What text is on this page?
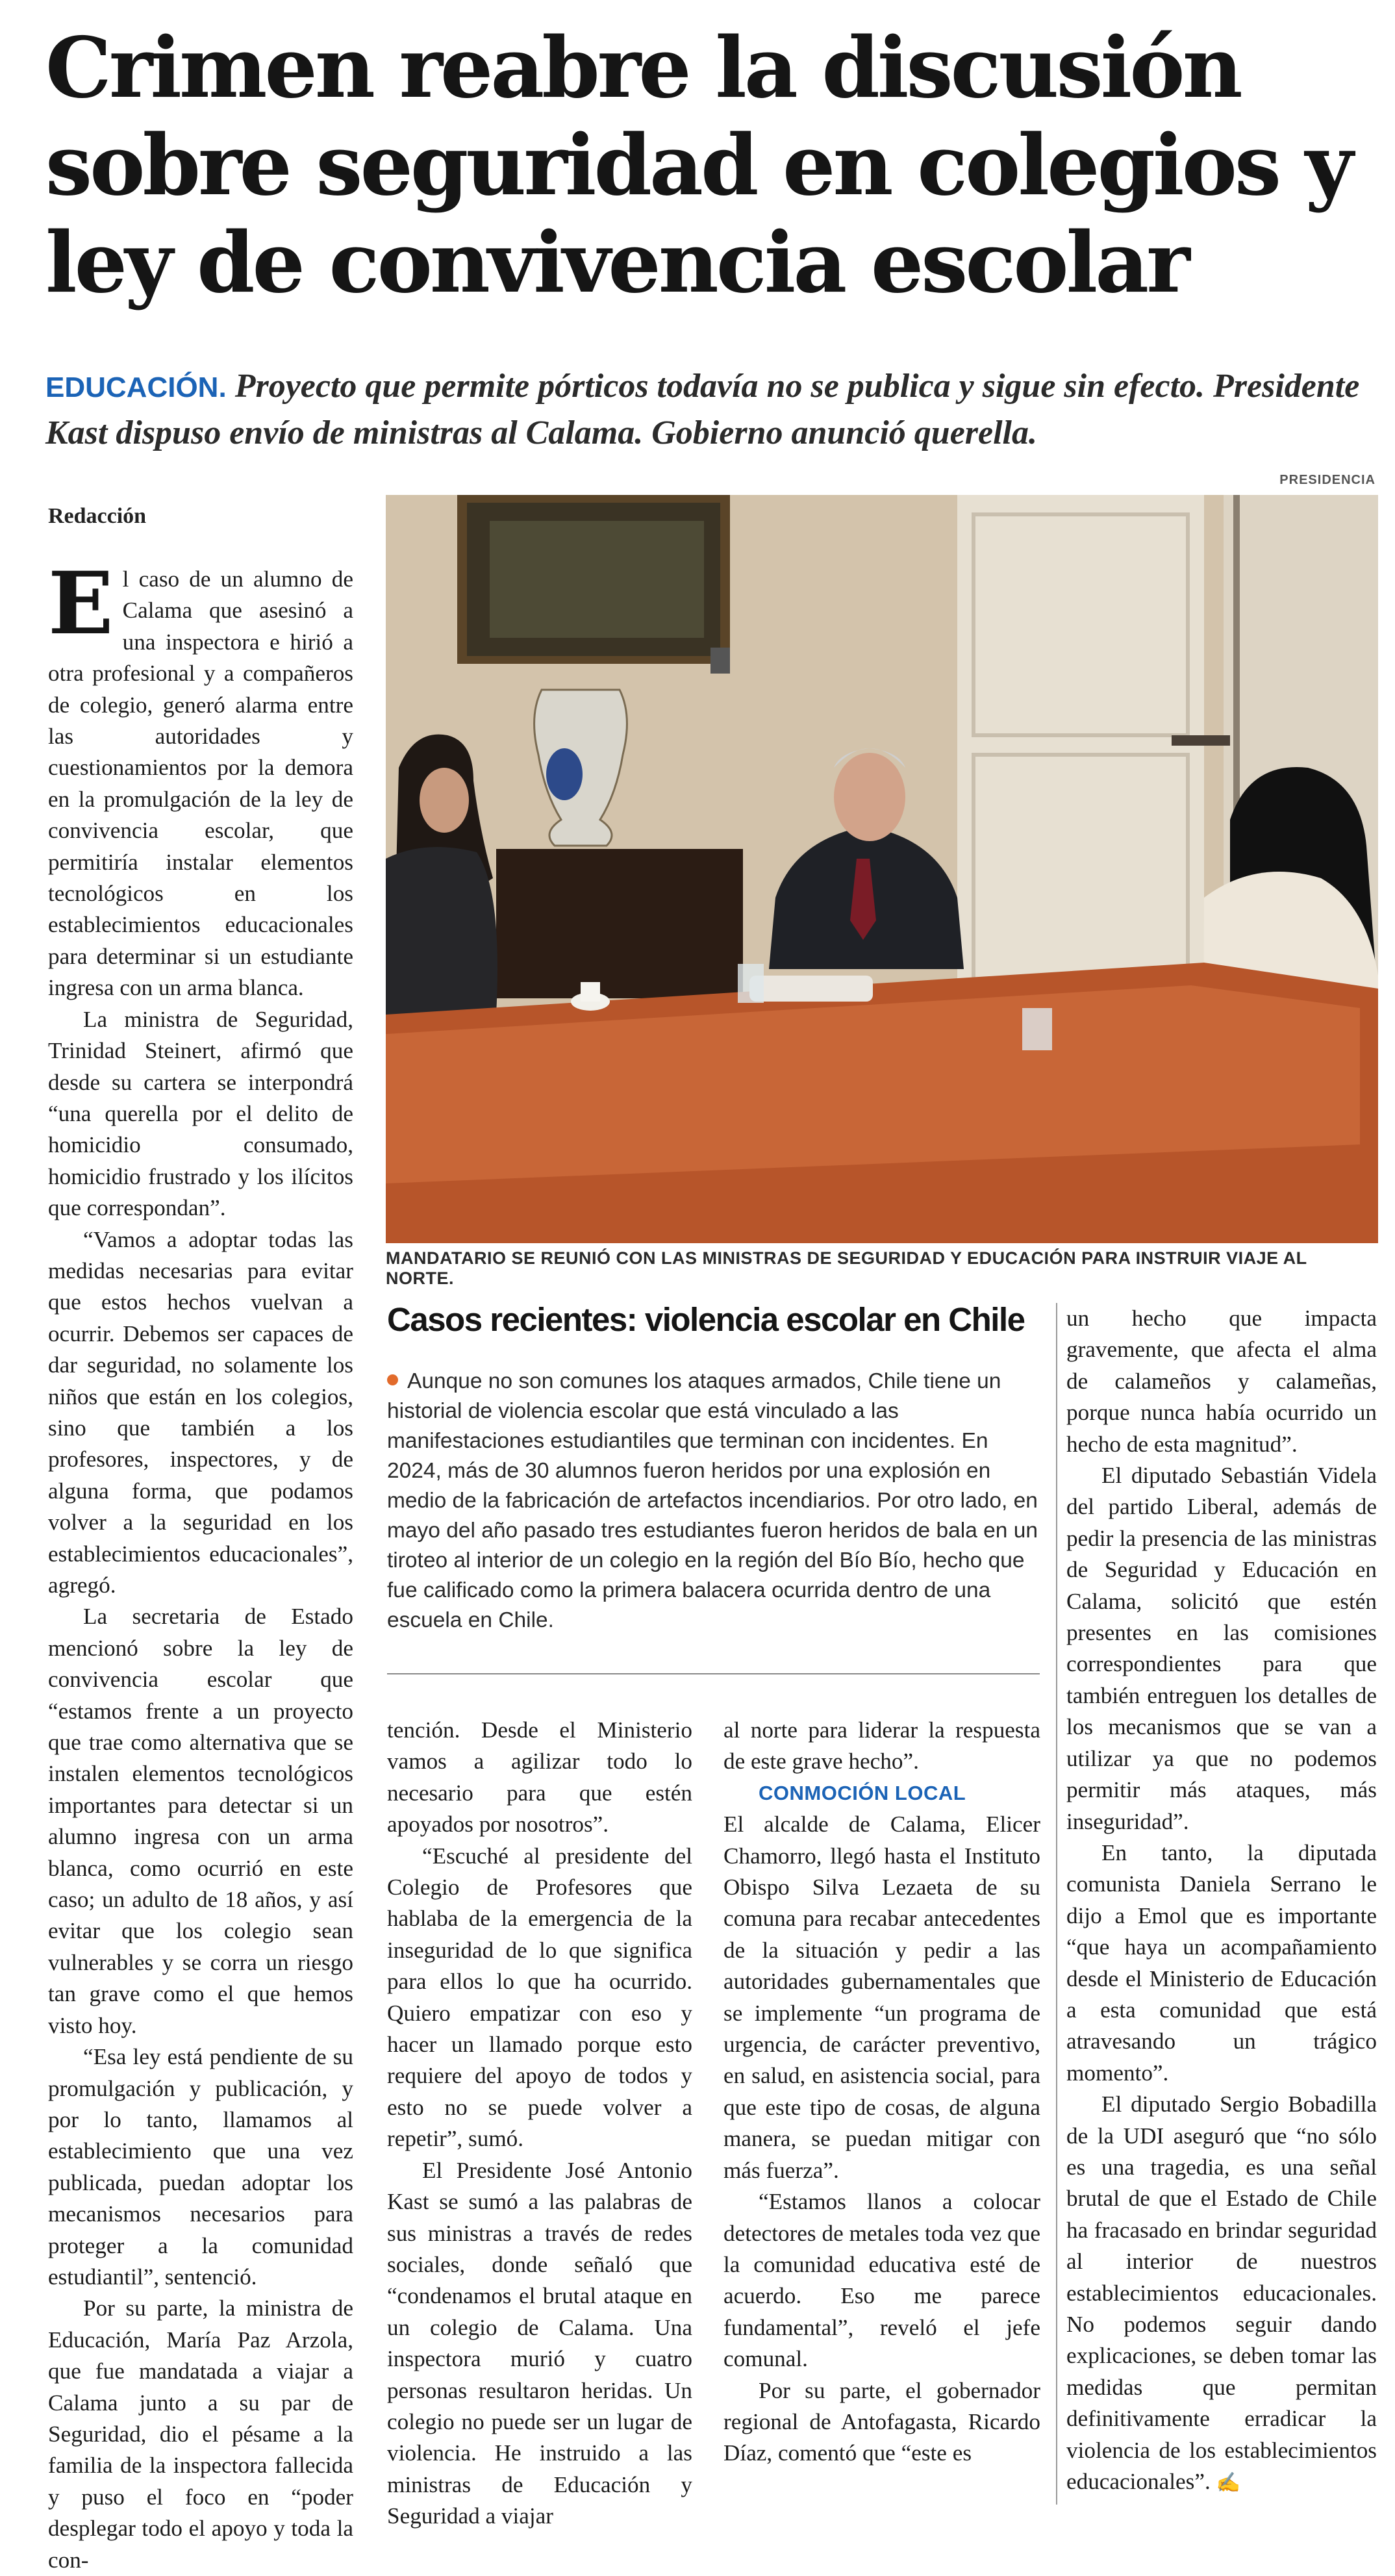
Crimen reabre la discusión sobre seguridad en colegios y ley de convivencia escolar
EDUCACIÓN. Proyecto que permite pórticos todavía no se publica y sigue sin efecto. Presidente Kast dispuso envío de ministras al Calama. Gobierno anunció querella.
PRESIDENCIA
MANDATARIO SE REUNIÓ CON LAS MINISTRAS DE SEGURIDAD Y EDUCACIÓN PARA INSTRUIR VIAJE AL NORTE.
Redacción

El caso de un alumno de Calama que asesinó a una inspectora e hirió a otra profesional y a compañeros de colegio, generó alarma entre las autoridades y cuestionamientos por la demora en la promulgación de la ley de convivencia escolar, que permitiría instalar elementos tecnológicos en los establecimientos educacionales para determinar si un estudiante ingresa con un arma blanca.

La ministra de Seguridad, Trinidad Steinert, afirmó que desde su cartera se interpondrá “una querella por el delito de homicidio consumado, homicidio frustrado y los ilícitos que correspondan”.

“Vamos a adoptar todas las medidas necesarias para evitar que estos hechos vuelvan a ocurrir. Debemos ser capaces de dar seguridad, no solamente los niños que están en los colegios, sino que también a los profesores, inspectores, y de alguna forma, que podamos volver a la seguridad en los establecimientos educacionales”, agregó.

La secretaria de Estado mencionó sobre la ley de convivencia escolar que “estamos frente a un proyecto que trae como alternativa que se instalen elementos tecnológicos importantes para detectar si un alumno ingresa con un arma blanca, como ocurrió en este caso; un adulto de 18 años, y así evitar que los colegio sean vulnerables y se corra un riesgo tan grave como el que hemos visto hoy.

“Esa ley está pendiente de su promulgación y publicación, y por lo tanto, llamamos al establecimiento que una vez publicada, puedan adoptar los mecanismos necesarios para proteger a la comunidad estudiantil”, sentenció.

Por su parte, la ministra de Educación, María Paz Arzola, que fue mandatada a viajar a Calama junto a su par de Seguridad, dio el pésame a la familia de la inspectora fallecida y puso el foco en “poder desplegar todo el apoyo y toda la con-

Casos recientes: violencia escolar en Chile
Aunque no son comunes los ataques armados, Chile tiene un historial de violencia escolar que está vinculado a las manifestaciones estudiantiles que terminan con incidentes. En 2024, más de 30 alumnos fueron heridos por una explosión en medio de la fabricación de artefactos incendiarios. Por otro lado, en mayo del año pasado tres estudiantes fueron heridos de bala en un tiroteo al interior de un colegio en la región del Bío Bío, hecho que fue calificado como la primera balacera ocurrida dentro de una escuela en Chile.

tención. Desde el Ministerio vamos a agilizar todo lo necesario para que estén apoyados por nosotros”.

“Escuché al presidente del Colegio de Profesores que hablaba de la emergencia de la inseguridad de lo que significa para ellos lo que ha ocurrido. Quiero empatizar con eso y hacer un llamado porque esto requiere del apoyo de todos y esto no se puede volver a repetir”, sumó.

El Presidente José Antonio Kast se sumó a las palabras de sus ministras a través de redes sociales, donde señaló que “condenamos el brutal ataque en un colegio de Calama. Una inspectora murió y cuatro personas resultaron heridas. Un colegio no puede ser un lugar de violencia. He instruido a las ministras de Educación y Seguridad a viajar

al norte para liderar la respuesta de este grave hecho”.

CONMOCIÓN LOCAL

El alcalde de Calama, Elicer Chamorro, llegó hasta el Instituto Obispo Silva Lezaeta de su comuna para recabar antecedentes de la situación y pedir a las autoridades gubernamentales que se implemente “un programa de urgencia, de carácter preventivo, en salud, en asistencia social, para que este tipo de cosas, de alguna manera, se puedan mitigar con más fuerza”.

“Estamos llanos a colocar detectores de metales toda vez que la comunidad educativa esté de acuerdo. Eso me parece fundamental”, reveló el jefe comunal.

Por su parte, el gobernador regional de Antofagasta, Ricardo Díaz, comentó que “este es

un hecho que impacta gravemente, que afecta el alma de calameños y calameñas, porque nunca había ocurrido un hecho de esta magnitud”.

El diputado Sebastián Videla del partido Liberal, además de pedir la presencia de las ministras de Seguridad y Educación en Calama, solicitó que estén presentes en las comisiones correspondientes para que también entreguen los detalles de los mecanismos que se van a utilizar ya que no podemos permitir más ataques, más inseguridad”.

En tanto, la diputada comunista Daniela Serrano le dijo a Emol que es importante “que haya un acompañamiento desde el Ministerio de Educación a esta comunidad que está atravesando un trágico momento”.

El diputado Sergio Bobadilla de la UDI aseguró que “no sólo es una tragedia, es una señal brutal de que el Estado de Chile ha fracasado en brindar seguridad al interior de nuestros establecimientos educacionales. No podemos seguir dando explicaciones, se deben tomar las medidas que permitan definitivamente erradicar la violencia de los establecimientos educacionales”. ✍
